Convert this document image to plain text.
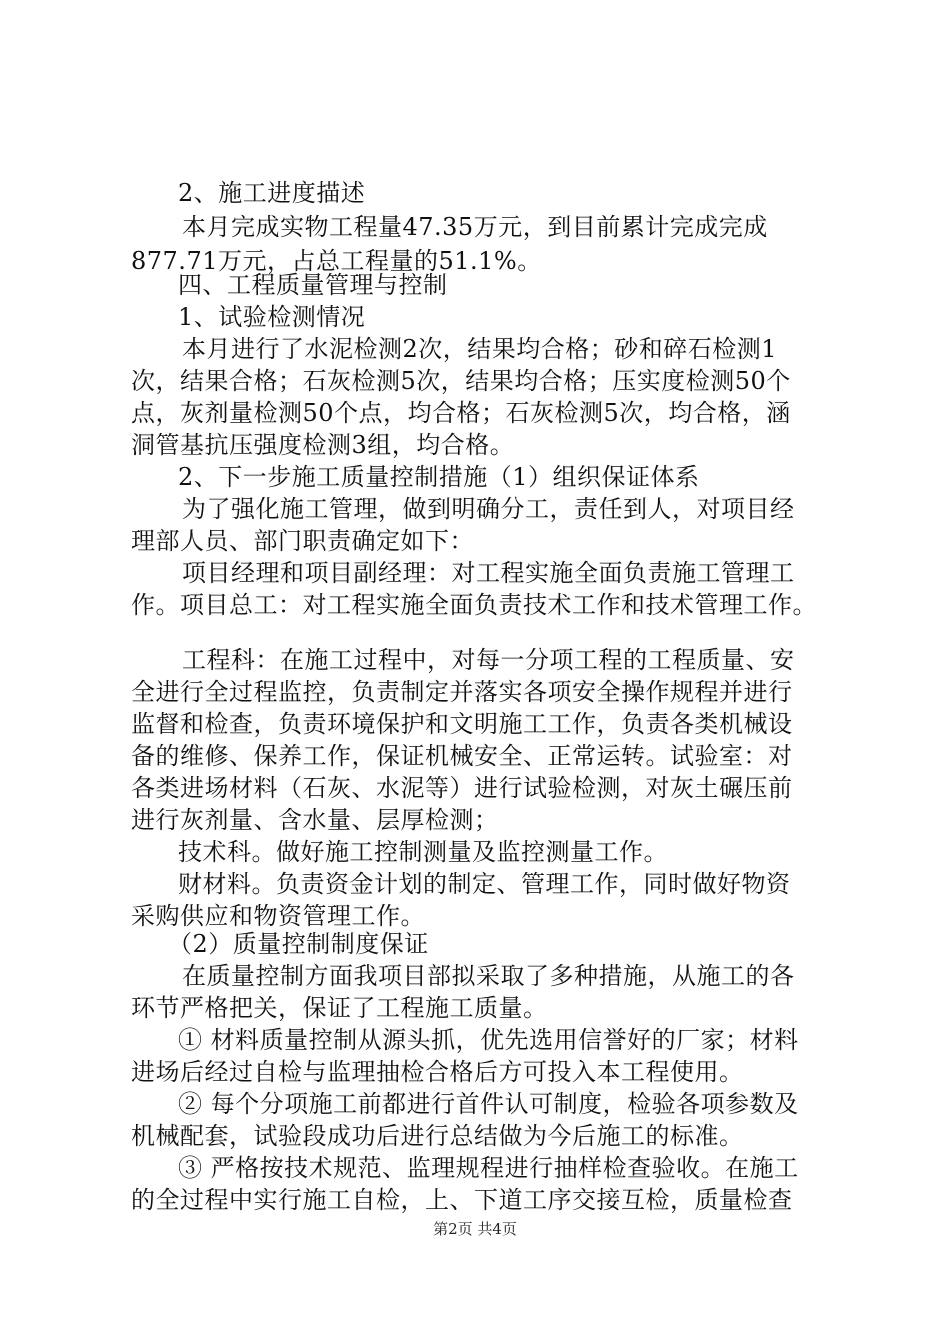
2、施工进度描述
本月完成实物工程量47.35万元，到目前累计完成完成
877.71万元，占总工程量的51.1%。
四、工程质量管理与控制
1、试验检测情况
本月进行了水泥检测2次，结果均合格；砂和碎石检测1
次，结果合格；石灰检测5次，结果均合格；压实度检测50个
点，灰剂量检测50个点，均合格；石灰检测5次，均合格，涵
洞管基抗压强度检测3组，均合格。
2、下一步施工质量控制措施（1）组织保证体系
为了强化施工管理，做到明确分工，责任到人，对项目经
理部人员、部门职责确定如下：
项目经理和项目副经理：对工程实施全面负责施工管理工
作。项目总工：对工程实施全面负责技术工作和技术管理工作。
工程科：在施工过程中，对每一分项工程的工程质量、安
全进行全过程监控，负责制定并落实各项安全操作规程并进行
监督和检查，负责环境保护和文明施工工作，负责各类机械设
备的维修、保养工作，保证机械安全、正常运转。试验室：对
各类进场材料（石灰、水泥等）进行试验检测，对灰土碾压前
进行灰剂量、含水量、层厚检测；
技术科。做好施工控制测量及监控测量工作。
财材料。负责资金计划的制定、管理工作，同时做好物资
采购供应和物资管理工作。
（2）质量控制制度保证
在质量控制方面我项目部拟采取了多种措施，从施工的各
环节严格把关，保证了工程施工质量。
① 材料质量控制从源头抓，优先选用信誉好的厂家；材料
进场后经过自检与监理抽检合格后方可投入本工程使用。
② 每个分项施工前都进行首件认可制度，检验各项参数及
机械配套，试验段成功后进行总结做为今后施工的标准。
③ 严格按技术规范、监理规程进行抽样检查验收。在施工
的全过程中实行施工自检，上、下道工序交接互检，质量检查
第2页 共4页
